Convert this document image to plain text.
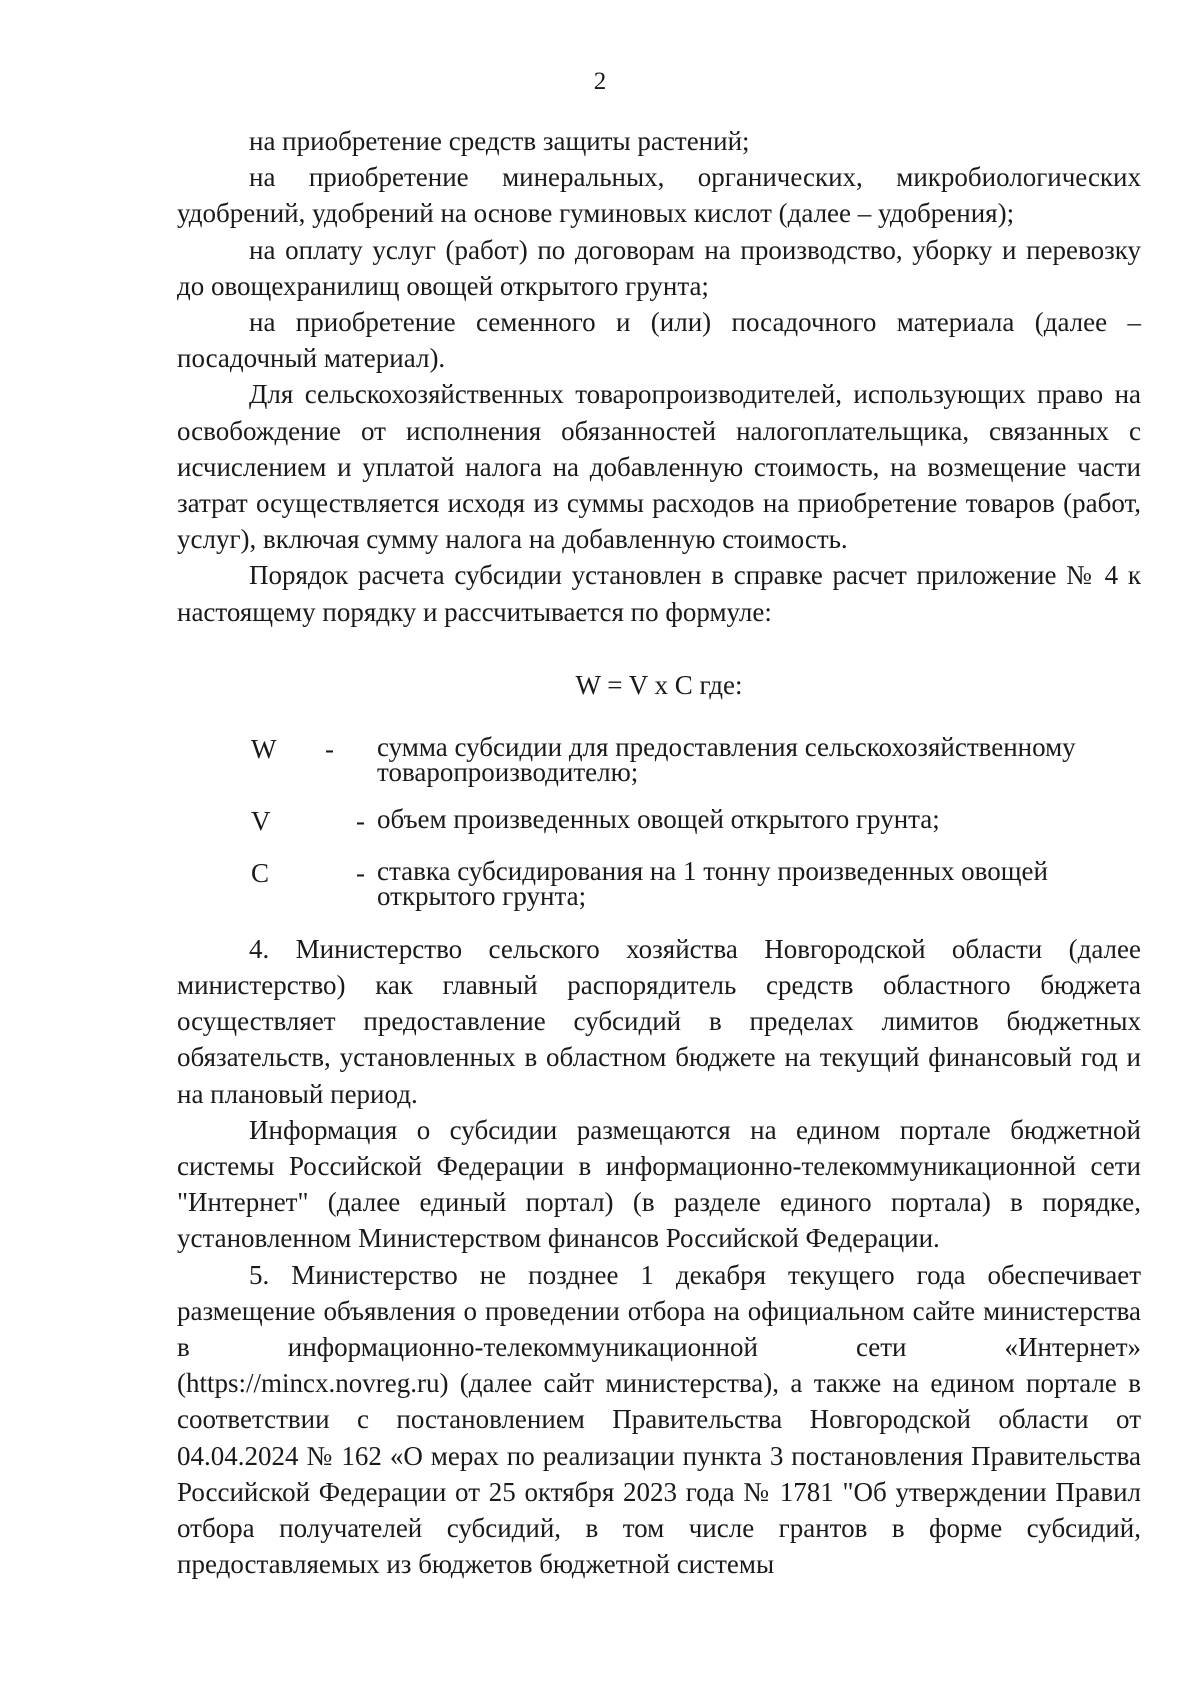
2

на приобретение средств защиты растений;

на приобретение минеральных, органических, микробиологических удобрений, удобрений на основе гуминовых кислот (далее – удобрения);

на оплату услуг (работ) по договорам на производство, уборку и перевозку до овощехранилищ овощей открытого грунта;

на приобретение семенного и (или) посадочного материала (далее – посадочный материал).

Для сельскохозяйственных товаропроизводителей, использующих право на освобождение от исполнения обязанностей налогоплательщика, связанных с исчислением и уплатой налога на добавленную стоимость, на возмещение части затрат осуществляется исходя из суммы расходов на приобретение товаров (работ, услуг), включая сумму налога на добавленную стоимость.

Порядок расчета субсидии установлен в справке расчет приложение № 4 к настоящему порядку и рассчитывается по формуле:

W = V x C где:
W - сумма субсидии для предоставления сельскохозяйственному товаропроизводителю;
V	- объем произведенных овощей открытого грунта;
C	- ставка субсидирования на 1 тонну произведенных овощей открытого грунта;

4. Министерство сельского хозяйства Новгородской области (далее министерство) как главный распорядитель средств областного бюджета осуществляет предоставление субсидий в пределах лимитов бюджетных обязательств, установленных в областном бюджете на текущий финансовый год и на плановый период.

Информация о субсидии размещаются на едином портале бюджетной системы Российской Федерации в информационно-телекоммуникационной сети "Интернет" (далее единый портал) (в разделе единого портала) в порядке, установленном Министерством финансов Российской Федерации.

5. Министерство не позднее 1 декабря текущего года обеспечивает размещение объявления о проведении отбора на официальном сайте министерства в информационно-телекоммуникационной сети «Интернет» (https://mincx.novreg.ru) (далее сайт министерства), а также на едином портале в соответствии с постановлением Правительства Новгородской области от 04.04.2024 № 162 «О мерах по реализации пункта 3 постановления Правительства Российской Федерации от 25 октября 2023 года № 1781 "Об утверждении Правил отбора получателей субсидий, в том числе грантов в форме субсидий, предоставляемых из бюджетов бюджетной системы
